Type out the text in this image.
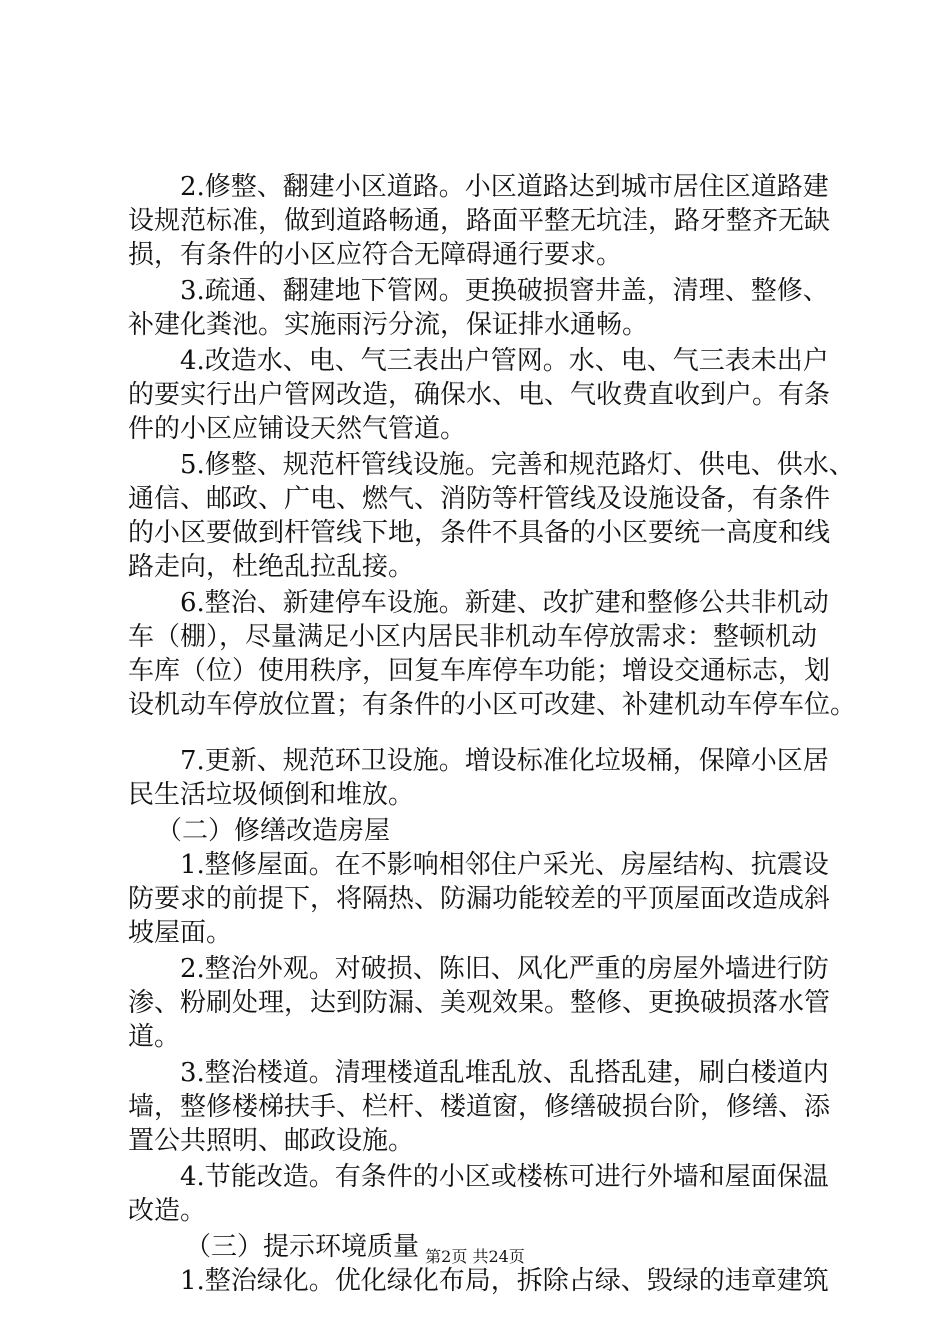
2.修整、翻建小区道路。小区道路达到城市居住区道路建
设规范标准，做到道路畅通，路面平整无坑洼，路牙整齐无缺
损，有条件的小区应符合无障碍通行要求。
3.疏通、翻建地下管网。更换破损窨井盖，清理、整修、
补建化粪池。实施雨污分流，保证排水通畅。
4.改造水、电、气三表出户管网。水、电、气三表未出户
的要实行出户管网改造，确保水、电、气收费直收到户。有条
件的小区应铺设天然气管道。
5.修整、规范杆管线设施。完善和规范路灯、供电、供水、
通信、邮政、广电、燃气、消防等杆管线及设施设备，有条件
的小区要做到杆管线下地，条件不具备的小区要统一高度和线
路走向，杜绝乱拉乱接。
6.整治、新建停车设施。新建、改扩建和整修公共非机动
车（棚），尽量满足小区内居民非机动车停放需求：整顿机动
车库（位）使用秩序，回复车库停车功能；增设交通标志，划
设机动车停放位置；有条件的小区可改建、补建机动车停车位。
7.更新、规范环卫设施。增设标准化垃圾桶，保障小区居
民生活垃圾倾倒和堆放。
（二）修缮改造房屋
1.整修屋面。在不影响相邻住户采光、房屋结构、抗震设
防要求的前提下，将隔热、防漏功能较差的平顶屋面改造成斜
坡屋面。
2.整治外观。对破损、陈旧、风化严重的房屋外墙进行防
渗、粉刷处理，达到防漏、美观效果。整修、更换破损落水管
道。
3.整治楼道。清理楼道乱堆乱放、乱搭乱建，刷白楼道内
墙，整修楼梯扶手、栏杆、楼道窗，修缮破损台阶，修缮、添
置公共照明、邮政设施。
4.节能改造。有条件的小区或楼栋可进行外墙和屋面保温
改造。
（三）提示环境质量
1.整治绿化。优化绿化布局，拆除占绿、毁绿的违章建筑
第2页 共24页
